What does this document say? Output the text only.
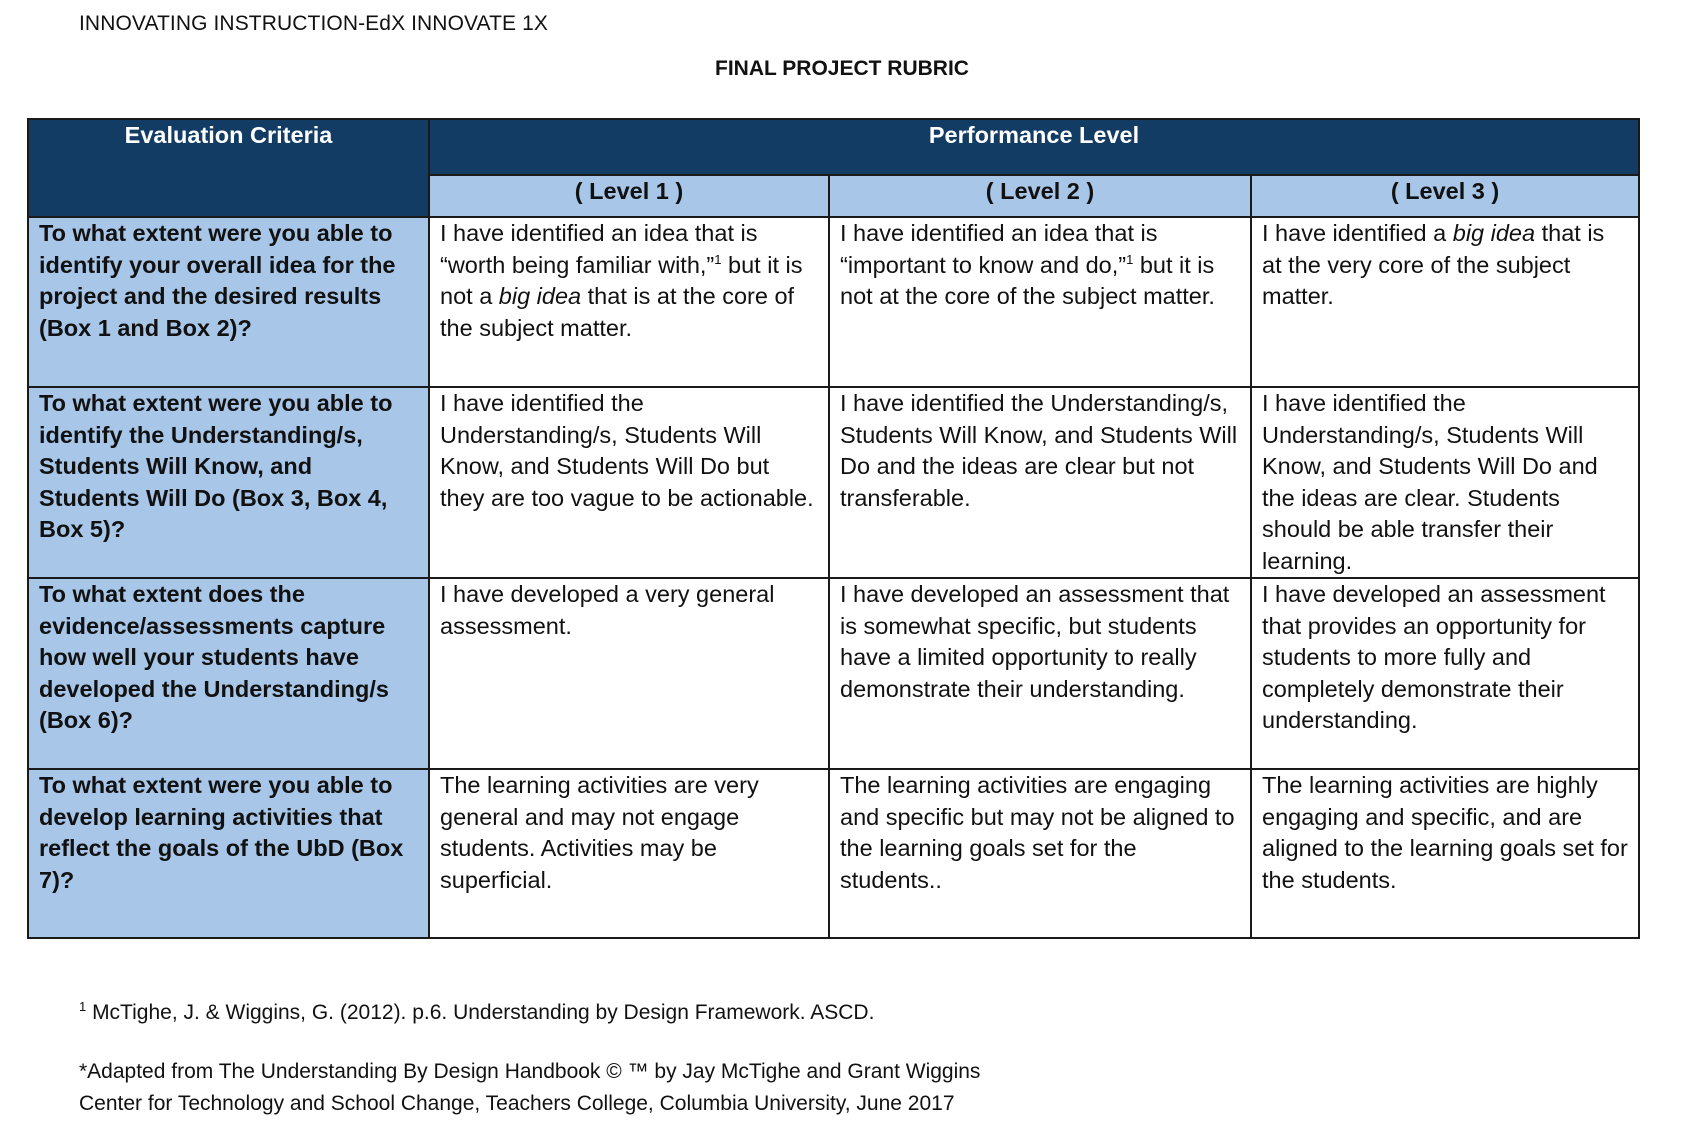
INNOVATING INSTRUCTION-EdX INNOVATE 1X
FINAL PROJECT RUBRIC
Evaluation Criteria	Performance Level		
	( Level 1 )	( Level 2 )	( Level 3 )
To what extent were you able to identify your overall idea for the project and the desired results (Box 1 and Box 2)?	I have identified an idea that is “worth being familiar with,”$^1$ but it is not a big idea that is at the core of the subject matter.	I have identified an idea that is “important to know and do,”$^1$ but it is not at the core of the subject matter.	I have identified a big idea that is at the very core of the subject matter.
To what extent were you able to identify the Understanding/s, Students Will Know, and Students Will Do (Box 3, Box 4, Box 5)?	I have identified the Understanding/s, Students Will Know, and Students Will Do but they are too vague to be actionable.	I have identified the Understanding/s, Students Will Know, and Students Will Do and the ideas are clear but not transferable.	I have identified the Understanding/s, Students Will Know, and Students Will Do and the ideas are clear. Students should be able transfer their learning.
To what extent does the evidence/assessments capture how well your students have developed the Understanding/s (Box 6)?	I have developed a very general assessment.	I have developed an assessment that is somewhat specific, but students have a limited opportunity to really demonstrate their understanding.	I have developed an assessment that provides an opportunity for students to more fully and completely demonstrate their understanding.
To what extent were you able to develop learning activities that reflect the goals of the UbD (Box 7)?	The learning activities are very general and may not engage students. Activities may be superficial.	The learning activities are engaging and specific but may not be aligned to the learning goals set for the students..	The learning activities are highly engaging and specific, and are aligned to the learning goals set for the students.
$^1$ McTighe, J. & Wiggins, G. (2012). p.6. Understanding by Design Framework. ASCD.
*Adapted from The Understanding By Design Handbook © ™ by Jay McTighe and Grant Wiggins
Center for Technology and School Change, Teachers College, Columbia University, June 2017
